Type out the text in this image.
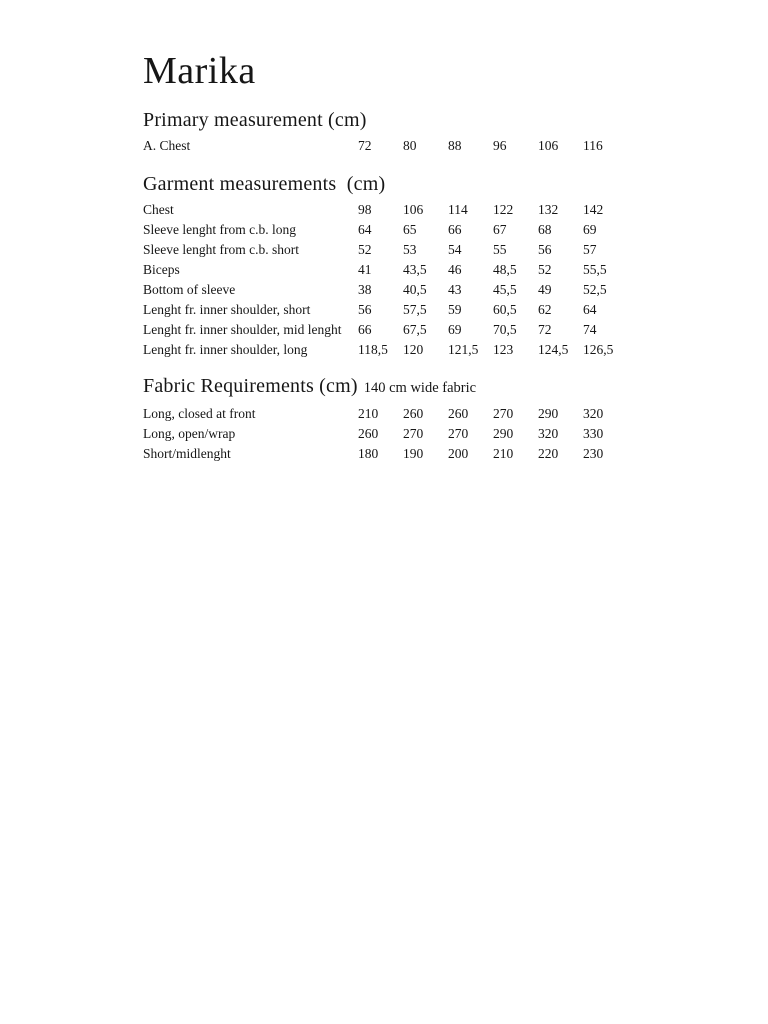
Marika
Primary measurement (cm)
A. Chest	72	80	88	96	106	116
Garment measurements  (cm)
Chest	98	106	114	122	132	142
Sleeve lenght from c.b. long	64	65	66	67	68	69
Sleeve lenght from c.b. short	52	53	54	55	56	57
Biceps	41	43,5	46	48,5	52	55,5
Bottom of sleeve	38	40,5	43	45,5	49	52,5
Lenght fr. inner shoulder, short	56	57,5	59	60,5	62	64
Lenght fr. inner shoulder, mid lenght	66	67,5	69	70,5	72	74
Lenght fr. inner shoulder, long	118,5	120	121,5	123	124,5	126,5
Fabric Requirements (cm) 140 cm wide fabric
Long, closed at front	210	260	260	270	290	320
Long, open/wrap	260	270	270	290	320	330
Short/midlenght	180	190	200	210	220	230
